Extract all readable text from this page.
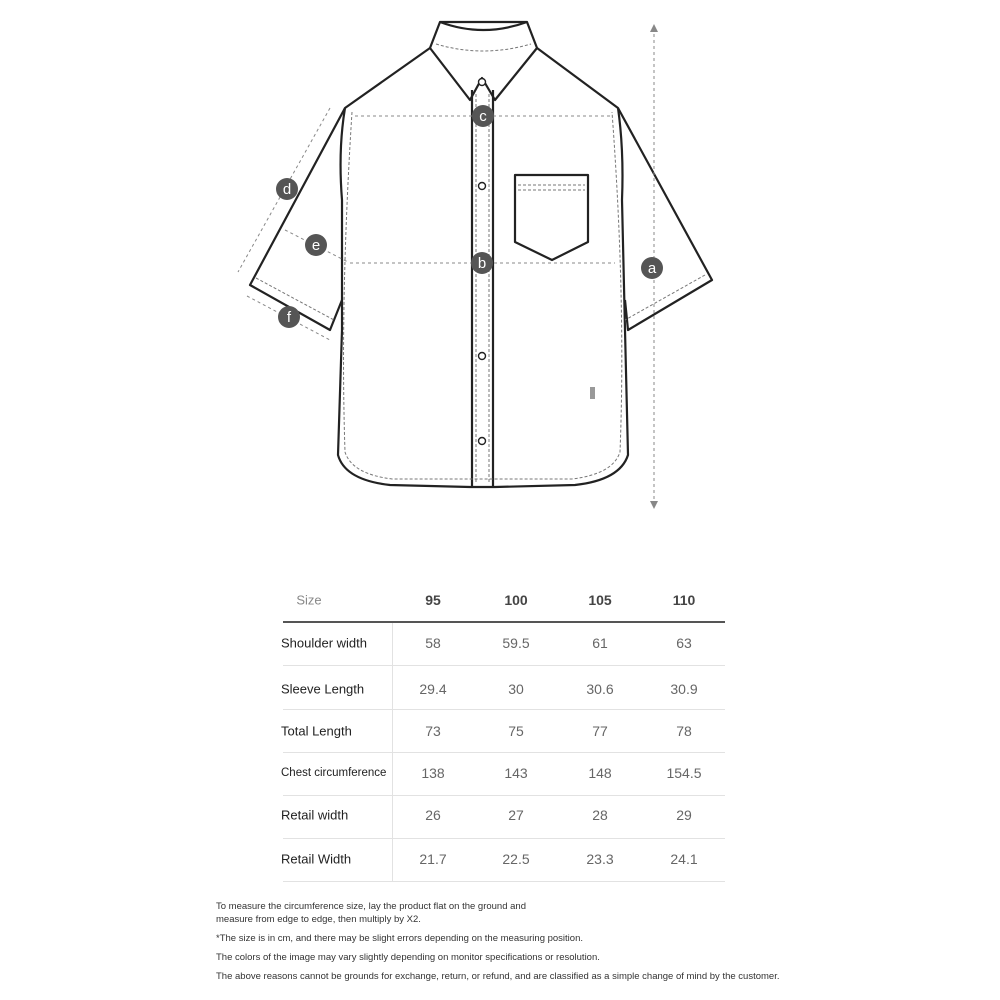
c
d
e
b	a
f
Size	95	100	105	110
Shoulder width	58	59.5	61	63
Sleeve Length	29.4	30	30.6	30.9
Total Length	73	75	77	78
Chest circumference 138	143	148	154.5
Retail width	26	27	28	29
Retail Width	21.7	22.5	23.3	24.1

To measure the circumference size, lay the product flat on the ground and
measure from edge to edge, then multiply by X2.

*The size is in cm, and there may be slight errors depending on the measuring position.

The colors of the image may vary slightly depending on monitor specifications or resolution.

The above reasons cannot be grounds for exchange, return, or refund, and are classified as a simple change of mind by the customer.
